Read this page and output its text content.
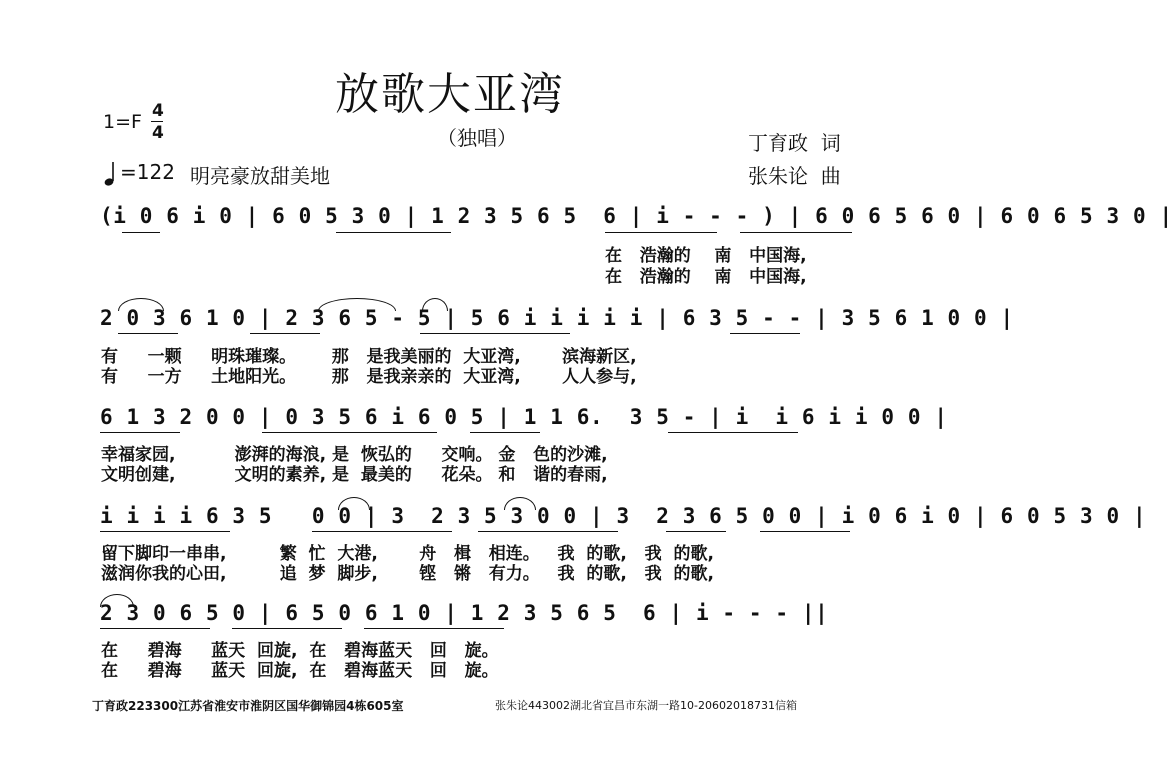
放歌大亚湾
（独唱）
1=F 4
4
=122 明亮豪放甜美地
丁育政  词
张朱论  曲
(i 0 6 i 0 | 6 0 5 3 0 | 1 2 3 5 6 5  6 | i - - - ) | 6 0 6 5 6 0 | 6 0 6 5 3 0 |
在   浩瀚的    南   中国海,
在   浩瀚的    南   中国海,
2 0 3 6 1 0 | 2 3 6 5 - 5 | 5 6 i i i i i | 6 3 5 - - | 3 5 6 1 0 0 |
有     一颗     明珠璀璨。      那   是我美丽的  大亚湾,       滨海新区,
有     一方     土地阳光。      那   是我亲亲的  大亚湾,       人人参与,
6 1 3 2 0 0 | 0 3 5 6 i 6 0 5 | 1 1 6.  3 5 - | i  i 6 i i 0 0 |
幸福家园,          澎湃的海浪, 是  恢弘的     交响。 金   色的沙滩,
文明创建,          文明的素养, 是  最美的     花朵。 和   谐的春雨,
i i i i 6 3 5   0 0 | 3  2 3 5 3 0 0 | 3  2 3 6 5 0 0 | i 0 6 i 0 | 6 0 5 3 0 |
留下脚印一串串,         繁  忙  大港,       舟   楫   相连。   我  的歌,   我  的歌,
滋润你我的心田,         追  梦  脚步,       铿   锵   有力。   我  的歌,   我  的歌,
2 3 0 6 5 0 | 6 5 0 6 1 0 | 1 2 3 5 6 5  6 | i - - - ||
在     碧海     蓝天  回旋,  在   碧海蓝天   回   旋。
在     碧海     蓝天  回旋,  在   碧海蓝天   回   旋。
丁育政223300江苏省淮安市淮阴区国华御锦园4栋605室	张朱论443002湖北省宜昌市东湖一路10-20602018731信箱
